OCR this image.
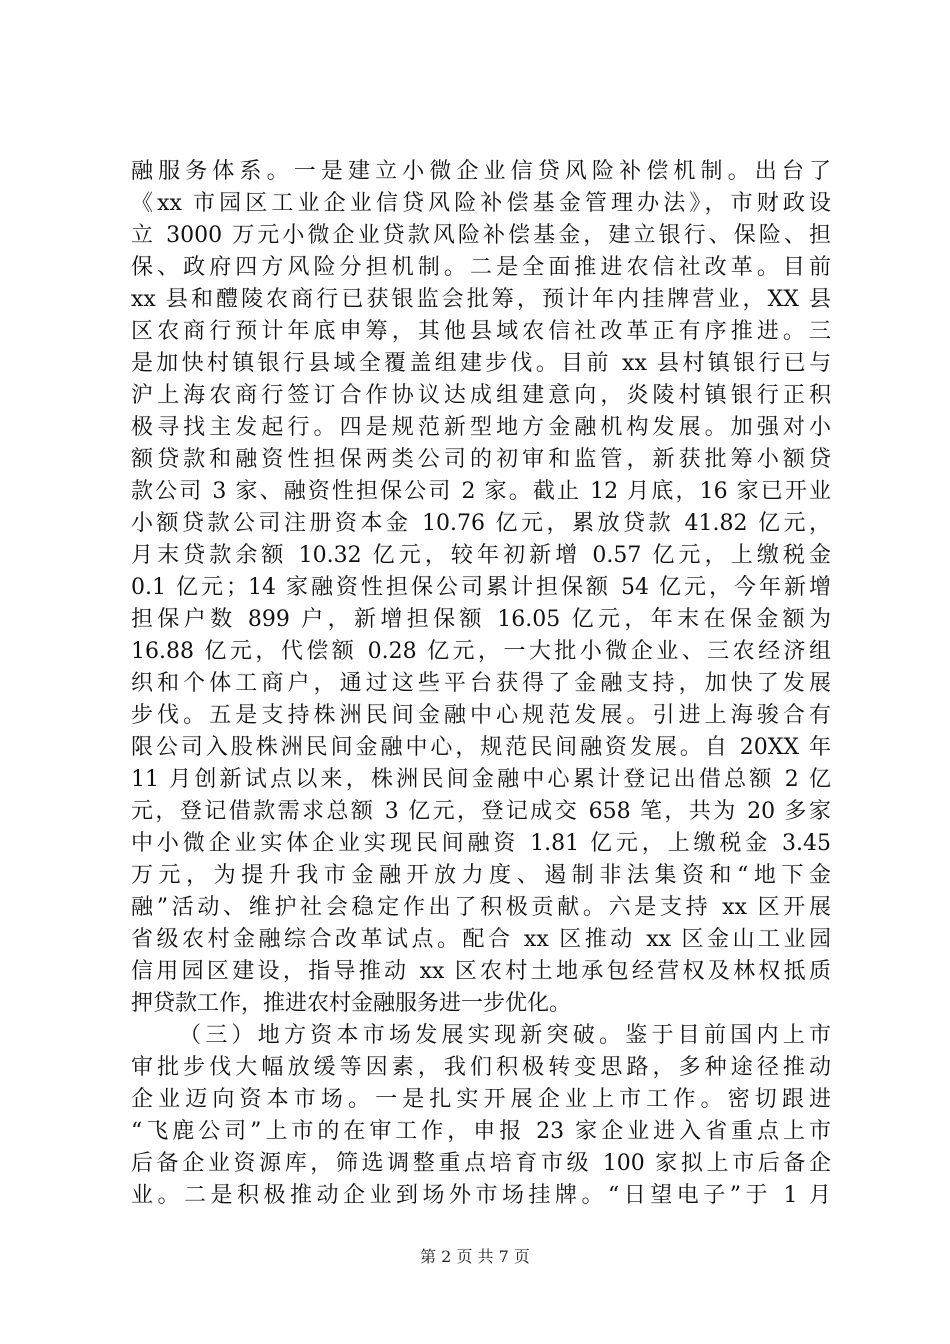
融服务体系。一是建立小微企业信贷风险补偿机制。出台了
《xx 市园区工业企业信贷风险补偿基金管理办法》，市财政设
立 3000 万元小微企业贷款风险补偿基金，建立银行、保险、担
保、政府四方风险分担机制。二是全面推进农信社改革。目前
xx 县和醴陵农商行已获银监会批筹，预计年内挂牌营业，XX 县
区农商行预计年底申筹，其他县域农信社改革正有序推进。三
是加快村镇银行县域全覆盖组建步伐。目前 xx 县村镇银行已与
沪上海农商行签订合作协议达成组建意向，炎陵村镇银行正积
极寻找主发起行。四是规范新型地方金融机构发展。加强对小
额贷款和融资性担保两类公司的初审和监管，新获批筹小额贷
款公司 3 家、融资性担保公司 2 家。截止 12 月底，16 家已开业
小额贷款公司注册资本金 10.76 亿元，累放贷款 41.82 亿元，
月末贷款余额 10.32 亿元，较年初新增 0.57 亿元，上缴税金
0.1 亿元；14 家融资性担保公司累计担保额 54 亿元，今年新增
担保户数 899 户，新增担保额 16.05 亿元，年末在保金额为
16.88 亿元，代偿额 0.28 亿元，一大批小微企业、三农经济组
织和个体工商户，通过这些平台获得了金融支持，加快了发展
步伐。五是支持株洲民间金融中心规范发展。引进上海骏合有
限公司入股株洲民间金融中心，规范民间融资发展。自 20XX 年
11 月创新试点以来，株洲民间金融中心累计登记出借总额 2 亿
元，登记借款需求总额 3 亿元，登记成交 658 笔，共为 20 多家
中小微企业实体企业实现民间融资 1.81 亿元，上缴税金 3.45
万元，为提升我市金融开放力度、遏制非法集资和“地下金
融”活动、维护社会稳定作出了积极贡献。六是支持 xx 区开展
省级农村金融综合改革试点。配合 xx 区推动 xx 区金山工业园
信用园区建设，指导推动 xx 区农村土地承包经营权及林权抵质
押贷款工作，推进农村金融服务进一步优化。
（三）地方资本市场发展实现新突破。鉴于目前国内上市
审批步伐大幅放缓等因素，我们积极转变思路，多种途径推动
企业迈向资本市场。一是扎实开展企业上市工作。密切跟进
“飞鹿公司”上市的在审工作，申报 23 家企业进入省重点上市
后备企业资源库，筛选调整重点培育市级 100 家拟上市后备企
业。二是积极推动企业到场外市场挂牌。“日望电子”于 1 月
第 2 页 共 7 页
